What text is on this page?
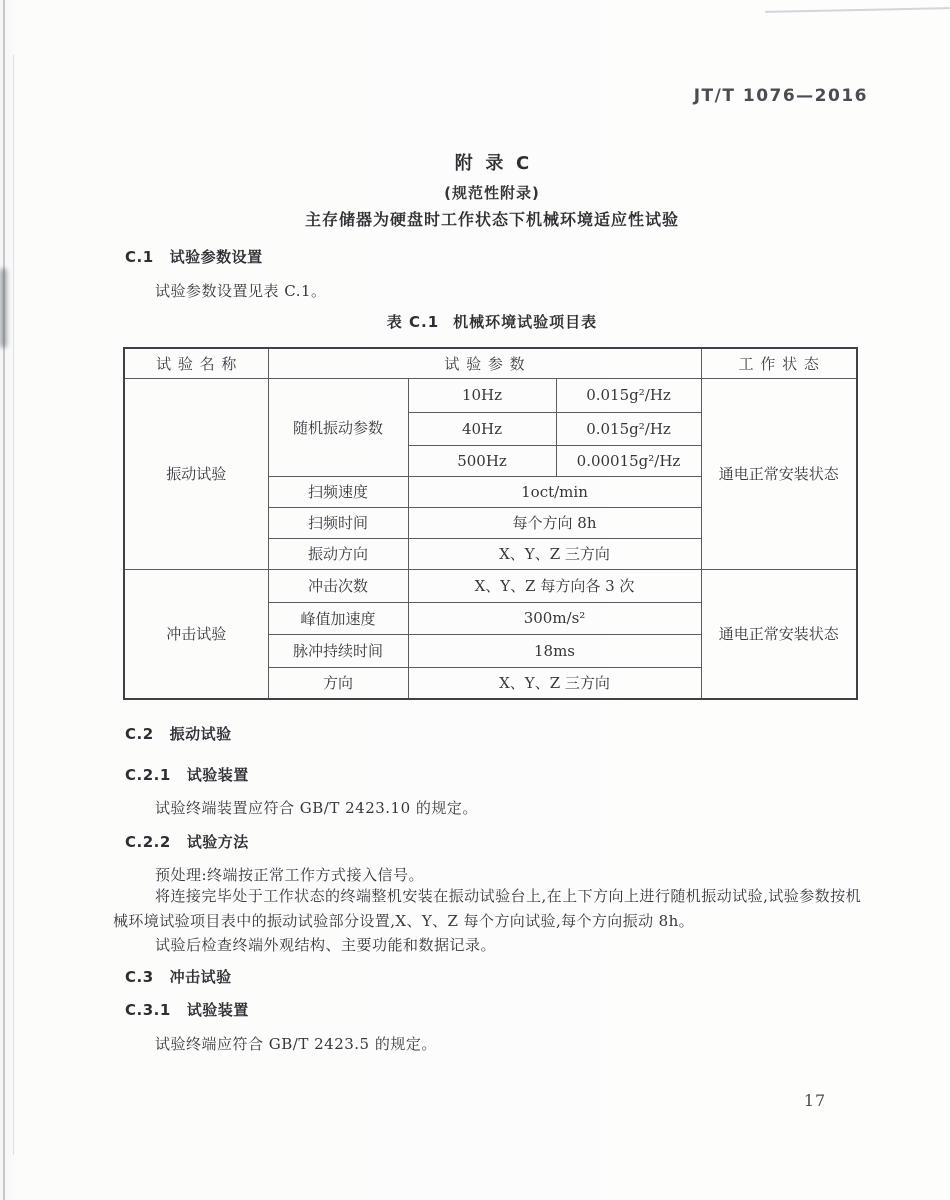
JT/T 1076—2016
附录C
(规范性附录)
主存储器为硬盘时工作状态下机械环境适应性试验
C.1 试验参数设置
试验参数设置见表 C.1。
表 C.1 机械环境试验项目表
试验名称	试验参数			工作状态
振动试验	随机振动参数	10Hz	0.015g²/Hz	通电正常安装状态
		40Hz	0.015g²/Hz	
		500Hz	0.00015g²/Hz	
	扫频速度	1oct/min		
	扫频时间	每个方向 8h		
	振动方向	X、Y、Z 三方向		
冲击试验	冲击次数	X、Y、Z 每方向各 3 次		通电正常安装状态
	峰值加速度	300m/s²		
	脉冲持续时间	18ms		
	方向	X、Y、Z 三方向		
C.2 振动试验
C.2.1 试验装置
试验终端装置应符合 GB/T 2423.10 的规定。
C.2.2 试验方法
预处理:终端按正常工作方式接入信号。
将连接完毕处于工作状态的终端整机安装在振动试验台上,在上下方向上进行随机振动试验,试验参数按机械环境试验项目表中的振动试验部分设置,X、Y、Z 每个方向试验,每个方向振动 8h。
试验后检查终端外观结构、主要功能和数据记录。
C.3 冲击试验
C.3.1 试验装置
试验终端应符合 GB/T 2423.5 的规定。
17
